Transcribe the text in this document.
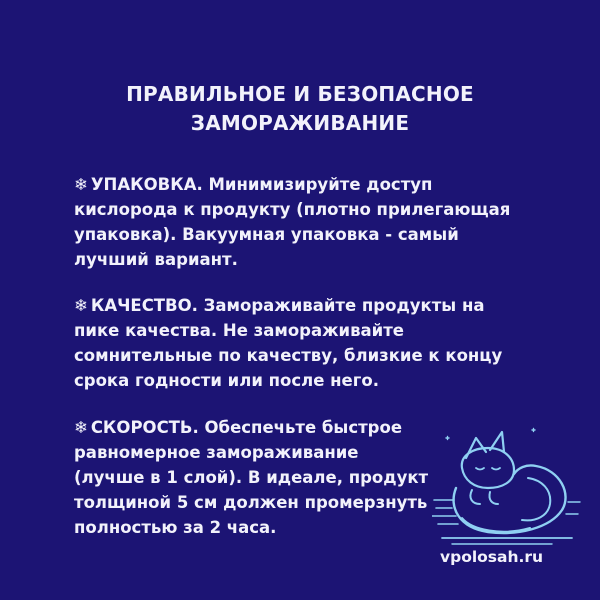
ПРАВИЛЬНОЕ И БЕЗОПАСНОЕ
ЗАМОРАЖИВАНИЕ
❄ УПАКОВКА. Минимизируйте доступ
кислорода к продукту (плотно прилегающая
упаковка). Вакуумная упаковка - самый
лучший вариант.
❄ КАЧЕСТВО. Замораживайте продукты на
пике качества. Не замораживайте
сомнительные по качеству, близкие к концу
срока годности или после него.
❄ СКОРОСТЬ. Обеспечьте быстрое
равномерное замораживание
(лучше в 1 слой). В идеале, продукт
толщиной 5 см должен промерзнуть
полностью за 2 часа.
vpolosah.ru
